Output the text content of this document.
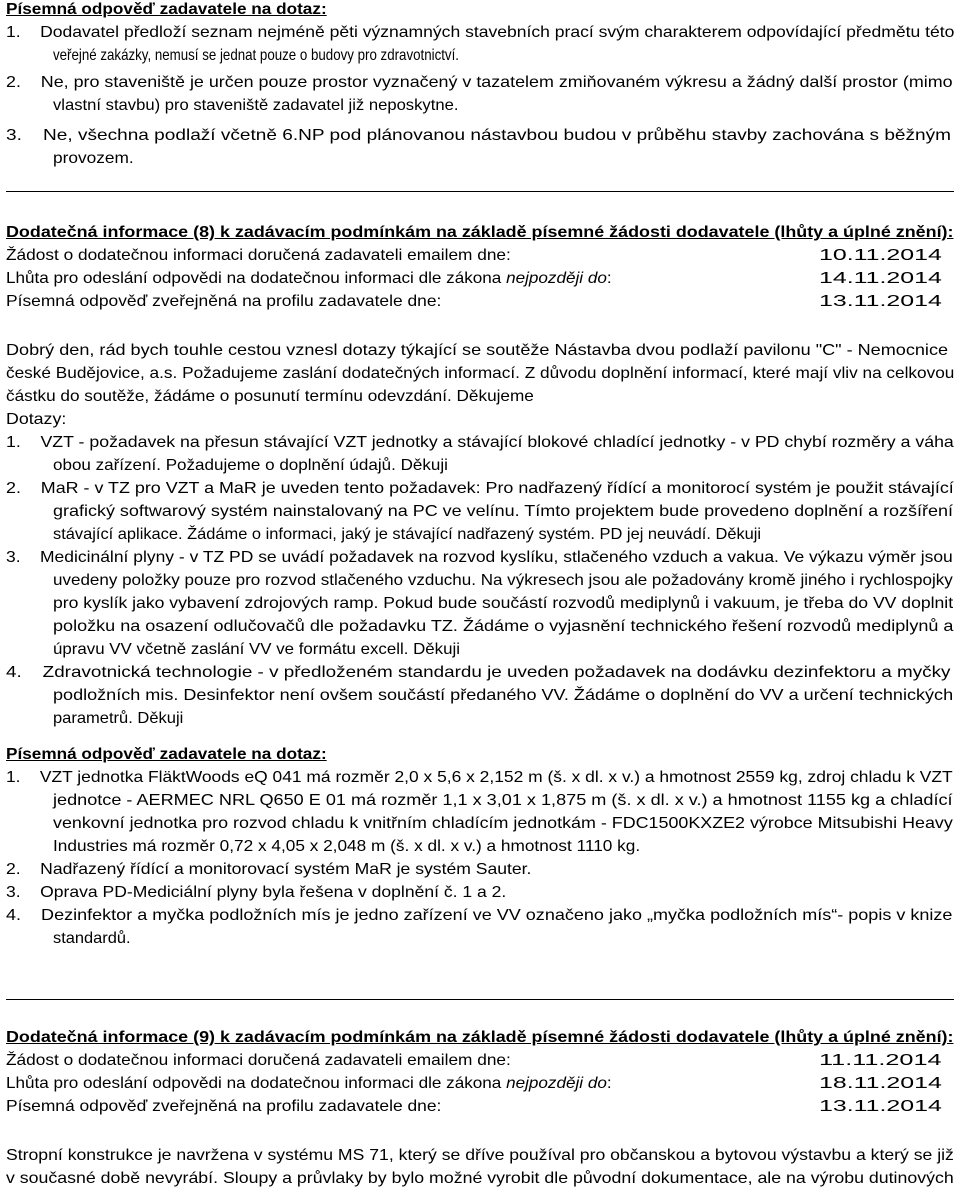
Písemná odpověď zadavatele na dotaz:
1.    Dodavatel předloží seznam nejméně pěti významných stavebních prací svým charakterem odpovídající předmětu této
veřejné zakázky, nemusí se jednat pouze o budovy pro zdravotnictví.
2.    Ne, pro staveniště je určen pouze prostor vyznačený v tazatelem zmiňovaném výkresu a žádný další prostor (mimo
vlastní stavbu) pro staveniště zadavatel již neposkytne.
3.    Ne, všechna podlaží včetně 6.NP pod plánovanou nástavbou budou v průběhu stavby zachována s běžným
provozem.
Dodatečná informace (8) k zadávacím podmínkám na základě písemné žádosti dodavatele (lhůty a úplné znění):
Žádost o dodatečnou informaci doručená zadavateli emailem dne:	10.11.2014
Lhůta pro odeslání odpovědi na dodatečnou informaci dle zákona nejpozději do:	14.11.2014
Písemná odpověď zveřejněná na profilu zadavatele dne:	13.11.2014
Dobrý den, rád bych touhle cestou vznesl dotazy týkající se soutěže Nástavba dvou podlaží pavilonu "C" - Nemocnice
české Budějovice, a.s. Požadujeme zaslání dodatečných informací. Z důvodu doplnění informací, které mají vliv na celkovou
částku do soutěže, žádáme o posunutí termínu odevzdání. Děkujeme
Dotazy:
1.    VZT - požadavek na přesun stávající VZT jednotky a stávající blokové chladící jednotky - v PD chybí rozměry a váha
obou zařízení. Požadujeme o doplnění údajů. Děkuji
2.    MaR - v TZ pro VZT a MaR je uveden tento požadavek: Pro nadřazený řídící a monitorocí systém je použit stávající
grafický softwarový systém nainstalovaný na PC ve velínu. Tímto projektem bude provedeno doplnění a rozšíření
stávající aplikace. Žádáme o informaci, jaký je stávající nadřazený systém. PD jej neuvádí. Děkuji
3.    Medicinální plyny - v TZ PD se uvádí požadavek na rozvod kyslíku, stlačeného vzduch a vakua. Ve výkazu výměr jsou
uvedeny položky pouze pro rozvod stlačeného vzduchu. Na výkresech jsou ale požadovány kromě jiného i rychlospojky
pro kyslík jako vybavení zdrojových ramp. Pokud bude součástí rozvodů mediplynů i vakuum, je třeba do VV doplnit
položku na osazení odlučovačů dle požadavku TZ. Žádáme o vyjasnění technického řešení rozvodů mediplynů a
úpravu VV včetně zaslání VV ve formátu excell. Děkuji
4.    Zdravotnická technologie - v předloženém standardu je uveden požadavek na dodávku dezinfektoru a myčky
podložních mis. Desinfektor není ovšem součástí předaného VV. Žádáme o doplnění do VV a určení technických
parametrů. Děkuji
Písemná odpověď zadavatele na dotaz:
1.    VZT jednotka FläktWoods eQ 041 má rozměr 2,0 x 5,6 x 2,152 m (š. x dl. x v.) a hmotnost 2559 kg, zdroj chladu k VZT
jednotce - AERMEC NRL Q650 E 01 má rozměr 1,1 x 3,01 x 1,875 m (š. x dl. x v.) a hmotnost 1155 kg a chladící
venkovní jednotka pro rozvod chladu k vnitřním chladícím jednotkám - FDC1500KXZE2 výrobce Mitsubishi Heavy
Industries má rozměr 0,72 x 4,05 x 2,048 m (š. x dl. x v.) a hmotnost 1110 kg.
2.    Nadřazený řídící a monitorovací systém MaR je systém Sauter.
3.    Oprava PD-Mediciální plyny byla řešena v doplnění č. 1 a 2.
4.    Dezinfektor a myčka podložních mís je jedno zařízení ve VV označeno jako „myčka podložních mís“- popis v knize
standardů.
Dodatečná informace (9) k zadávacím podmínkám na základě písemné žádosti dodavatele (lhůty a úplné znění):
Žádost o dodatečnou informaci doručená zadavateli emailem dne:	11.11.2014
Lhůta pro odeslání odpovědi na dodatečnou informaci dle zákona nejpozději do:	18.11.2014
Písemná odpověď zveřejněná na profilu zadavatele dne:	13.11.2014
Stropní konstrukce je navržena v systému MS 71, který se dříve používal pro občanskou a bytovou výstavbu a který se již
v současné době nevyrábí. Sloupy a průvlaky by bylo možné vyrobit dle původní dokumentace, ale na výrobu dutinových
